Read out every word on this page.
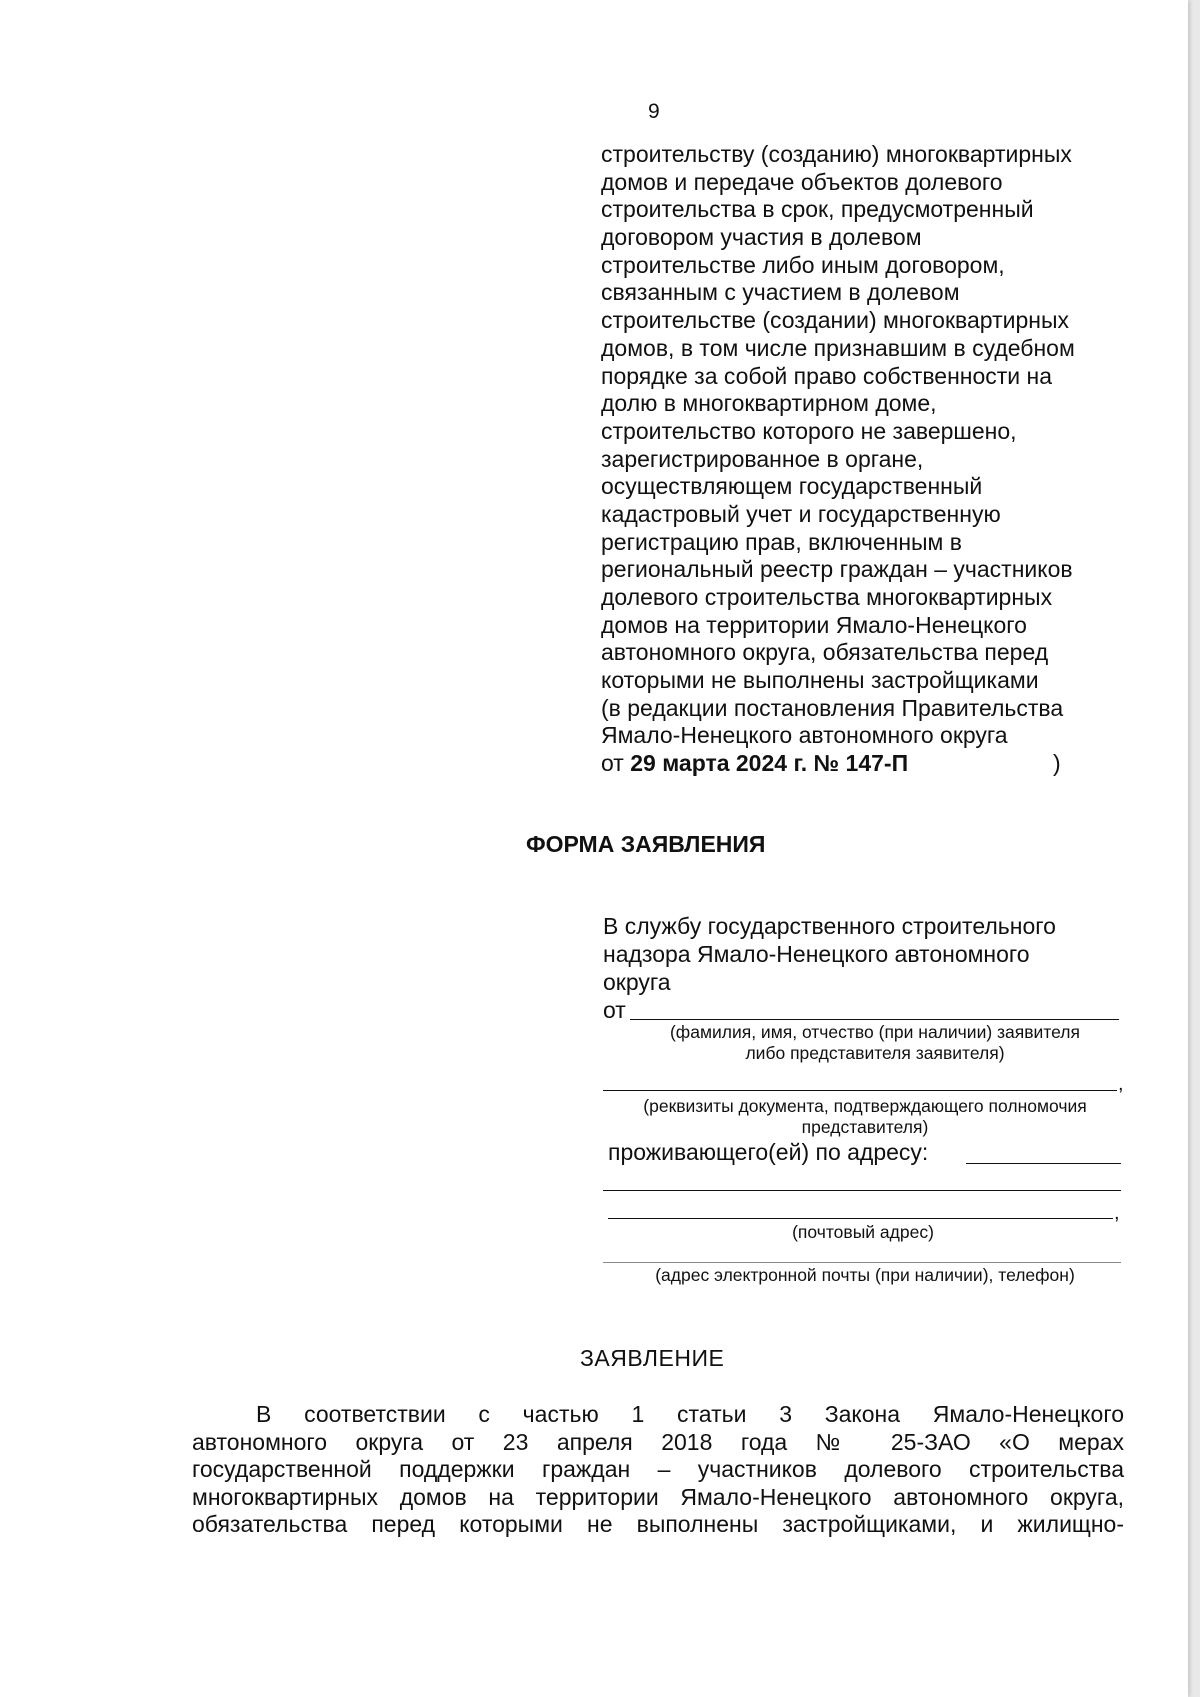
9
строительству (созданию) многоквартирных
домов и передаче объектов долевого
строительства в срок, предусмотренный
договором участия в долевом
строительстве либо иным договором,
связанным с участием в долевом
строительстве (создании) многоквартирных
домов, в том числе признавшим в судебном
порядке за собой право собственности на
долю в многоквартирном доме,
строительство которого не завершено,
зарегистрированное в органе,
осуществляющем государственный
кадастровый учет и государственную
регистрацию прав, включенным в
региональный реестр граждан – участников
долевого строительства многоквартирных
домов на территории Ямало-Ненецкого
автономного округа, обязательства перед
которыми не выполнены застройщиками
(в редакции постановления Правительства
Ямало-Ненецкого автономного округа
от 29 марта 2024 г. № 147-П	)
ФОРМА ЗАЯВЛЕНИЯ
В службу государственного строительного
надзора Ямало-Ненецкого автономного
округа
от
(фамилия, имя, отчество (при наличии) заявителя
либо представителя заявителя)
,
(реквизиты документа, подтверждающего полномочия
представителя)
проживающего(ей) по адресу:
,
(почтовый адрес)
(адрес электронной почты (при наличии), телефон)
ЗАЯВЛЕНИЕ
В соответствии с частью 1 статьи 3 Закона Ямало-Ненецкого
автономного округа от 23 апреля 2018 года № 25-ЗАО «О мерах
государственной поддержки граждан – участников долевого строительства
многоквартирных домов на территории Ямало-Ненецкого автономного округа,
обязательства перед которыми не выполнены застройщиками, и жилищно-
